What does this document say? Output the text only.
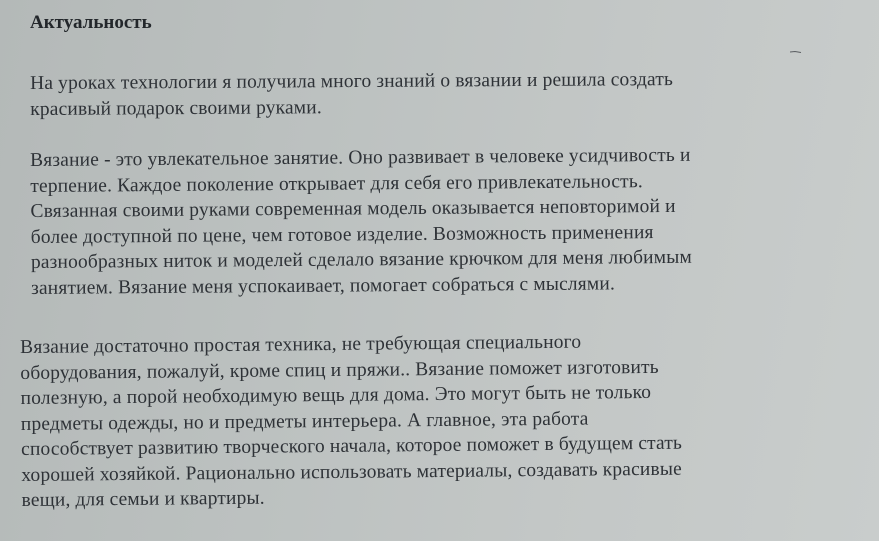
Актуальность

На уроках технологии я получила много знаний о вязании и решила создать
красивый подарок своими руками.

Вязание - это увлекательное занятие. Оно развивает в человеке усидчивость и
терпение. Каждое поколение открывает для себя его привлекательность.
Связанная своими руками современная модель оказывается неповторимой и
более доступной по цене, чем готовое изделие. Возможность применения
разнообразных ниток и моделей сделало вязание крючком для меня любимым
занятием. Вязание меня успокаивает, помогает собраться с мыслями.

Вязание достаточно простая техника, не требующая специального
оборудования, пожалуй, кроме спиц и пряжи.. Вязание поможет изготовить
полезную, а порой необходимую вещь для дома. Это могут быть не только
предметы одежды, но и предметы интерьера. А главное, эта работа
способствует развитию творческого начала, которое поможет в будущем стать
хорошей хозяйкой. Рационально использовать материалы, создавать красивые
вещи, для семьи и квартиры.
